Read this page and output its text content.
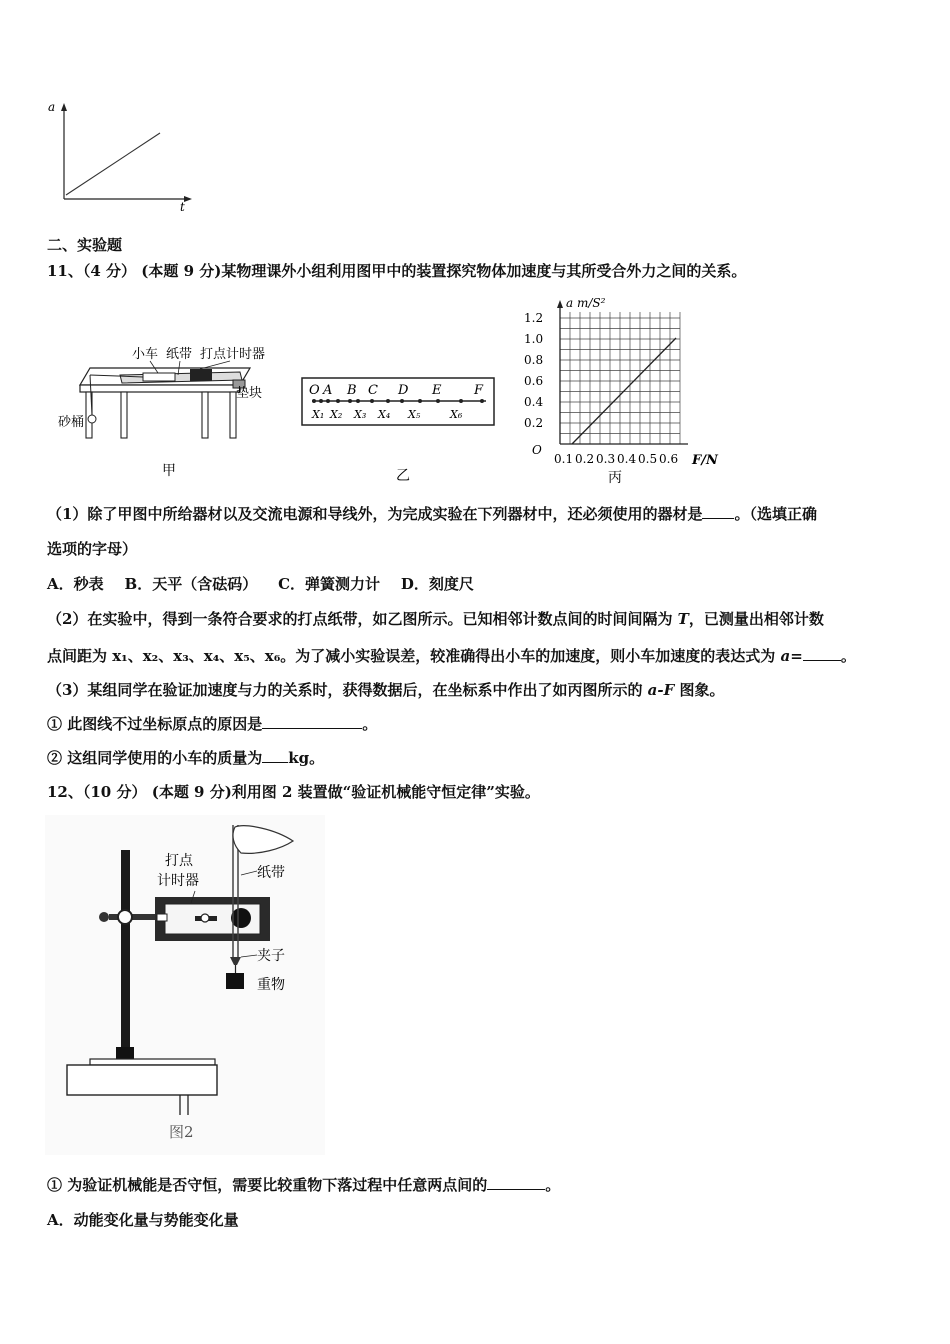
a
t
二、实验题
11、（4 分） (本题 9 分)某物理课外小组利用图甲中的装置探究物体加速度与其所受合外力之间的关系。
小车 纸带 打点计时器
垫块
砂桶
甲
O A B C D E	F
X₁ X₂ X₃ X₄ X₅	X₆
乙
a m/S²
F/N
O
0.2
0.4
0.6
0.8
1.0
1.2
0.1 0.2 0.3 0.4 0.5 0.6
丙
（1）除了甲图中所给器材以及交流电源和导线外，为完成实验在下列器材中，还必须使用的器材是 。（选填正确
选项的字母）
A．秒表    B．天平（含砝码）    C．弹簧测力计    D．刻度尺
（2）在实验中，得到一条符合要求的打点纸带，如乙图所示。已知相邻计数点间的时间间隔为 T，已测量出相邻计数
点间距为 x₁、x₂、x₃、x₄、x₅、x₆。为了减小实验误差，较准确得出小车的加速度，则小车加速度的表达式为 a=	。
（3）某组同学在验证加速度与力的关系时，获得数据后，在坐标系中作出了如丙图所示的 a-F 图象。
① 此图线不过坐标原点的原因是	。
② 这组同学使用的小车的质量为 kg。
12、（10 分） (本题 9 分)利用图 2 装置做“验证机械能守恒定律”实验。
打点
计时器	纸带
夹子
重物
图2
① 为验证机械能是否守恒，需要比较重物下落过程中任意两点间的	。
A．动能变化量与势能变化量
